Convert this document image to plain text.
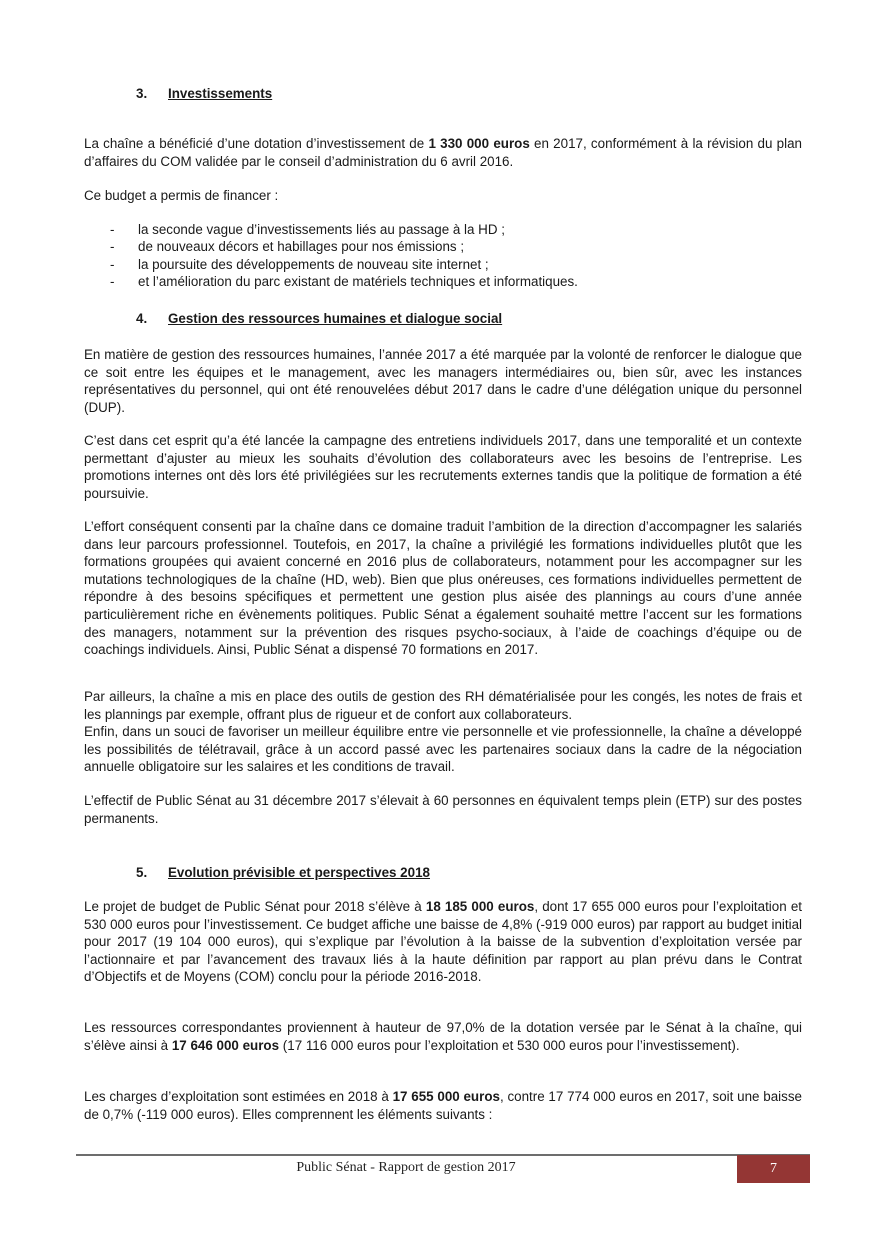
3. Investissements

La chaîne a bénéficié d’une dotation d’investissement de 1 330 000 euros en 2017, conformément à la révision du plan d’affaires du COM validée par le conseil d’administration du 6 avril 2016.

Ce budget a permis de financer :

- la seconde vague d’investissements liés au passage à la HD ;
- de nouveaux décors et habillages pour nos émissions ;
- la poursuite des développements de nouveau site internet ;
- et l’amélioration du parc existant de matériels techniques et informatiques.
4. Gestion des ressources humaines et dialogue social

En matière de gestion des ressources humaines, l’année 2017 a été marquée par la volonté de renforcer le dialogue que ce soit entre les équipes et le management, avec les managers intermédiaires ou, bien sûr, avec les instances représentatives du personnel, qui ont été renouvelées début 2017 dans le cadre d’une délégation unique du personnel (DUP).

C’est dans cet esprit qu’a été lancée la campagne des entretiens individuels 2017, dans une temporalité et un contexte permettant d’ajuster au mieux les souhaits d’évolution des collaborateurs avec les besoins de l’entreprise. Les promotions internes ont dès lors été privilégiées sur les recrutements externes tandis que la politique de formation a été poursuivie.

L’effort conséquent consenti par la chaîne dans ce domaine traduit l’ambition de la direction d’accompagner les salariés dans leur parcours professionnel. Toutefois, en 2017, la chaîne a privilégié les formations individuelles plutôt que les formations groupées qui avaient concerné en 2016 plus de collaborateurs, notamment pour les accompagner sur les mutations technologiques de la chaîne (HD, web). Bien que plus onéreuses, ces formations individuelles permettent de répondre à des besoins spécifiques et permettent une gestion plus aisée des plannings au cours d’une année particulièrement riche en évènements politiques. Public Sénat a également souhaité mettre l’accent sur les formations des managers, notamment sur la prévention des risques psycho-sociaux, à l’aide de coachings d’équipe ou de coachings individuels. Ainsi, Public Sénat a dispensé 70 formations en 2017.

Par ailleurs, la chaîne a mis en place des outils de gestion des RH dématérialisée pour les congés, les notes de frais et les plannings par exemple, offrant plus de rigueur et de confort aux collaborateurs.

Enfin, dans un souci de favoriser un meilleur équilibre entre vie personnelle et vie professionnelle, la chaîne a développé les possibilités de télétravail, grâce à un accord passé avec les partenaires sociaux dans la cadre de la négociation annuelle obligatoire sur les salaires et les conditions de travail.

L’effectif de Public Sénat au 31 décembre 2017 s’élevait à 60 personnes en équivalent temps plein (ETP) sur des postes permanents.

5. Evolution prévisible et perspectives 2018

Le projet de budget de Public Sénat pour 2018 s’élève à 18 185 000 euros, dont 17 655 000 euros pour l’exploitation et 530 000 euros pour l’investissement. Ce budget affiche une baisse de 4,8% (-919 000 euros) par rapport au budget initial pour 2017 (19 104 000 euros), qui s’explique par l’évolution à la baisse de la subvention d’exploitation versée par l’actionnaire et par l’avancement des travaux liés à la haute définition par rapport au plan prévu dans le Contrat d’Objectifs et de Moyens (COM) conclu pour la période 2016-2018.

Les ressources correspondantes proviennent à hauteur de 97,0% de la dotation versée par le Sénat à la chaîne, qui s’élève ainsi à 17 646 000 euros (17 116 000 euros pour l’exploitation et 530 000 euros pour l’investissement).

Les charges d’exploitation sont estimées en 2018 à 17 655 000 euros, contre 17 774 000 euros en 2017, soit une baisse de 0,7% (-119 000 euros). Elles comprennent les éléments suivants :

Public Sénat - Rapport de gestion 2017	7
